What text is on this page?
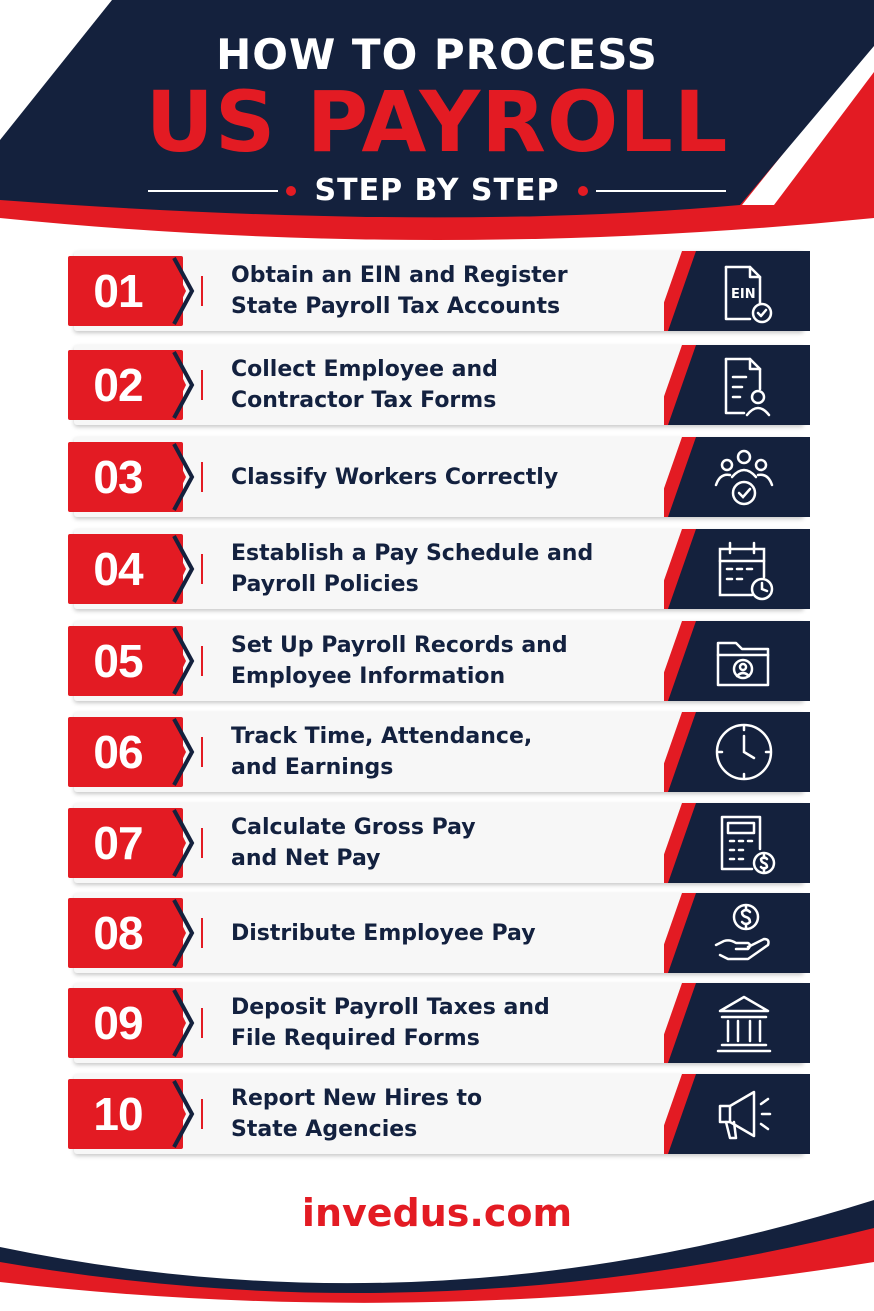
HOW TO PROCESS
US PAYROLL
STEP BY STEP
01	Obtain an EIN and Register
State Payroll Tax Accounts	EIN
02	Collect Employee and
Contractor Tax Forms
03	Classify Workers Correctly
04	Establish a Pay Schedule and
Payroll Policies
05	Set Up Payroll Records and
Employee Information
06	Track Time, Attendance,
and Earnings
07	Calculate Gross Pay
and Net Pay
08	Distribute Employee Pay
09	Deposit Payroll Taxes and
File Required Forms
10	Report New Hires to
State Agencies
invedus.com
